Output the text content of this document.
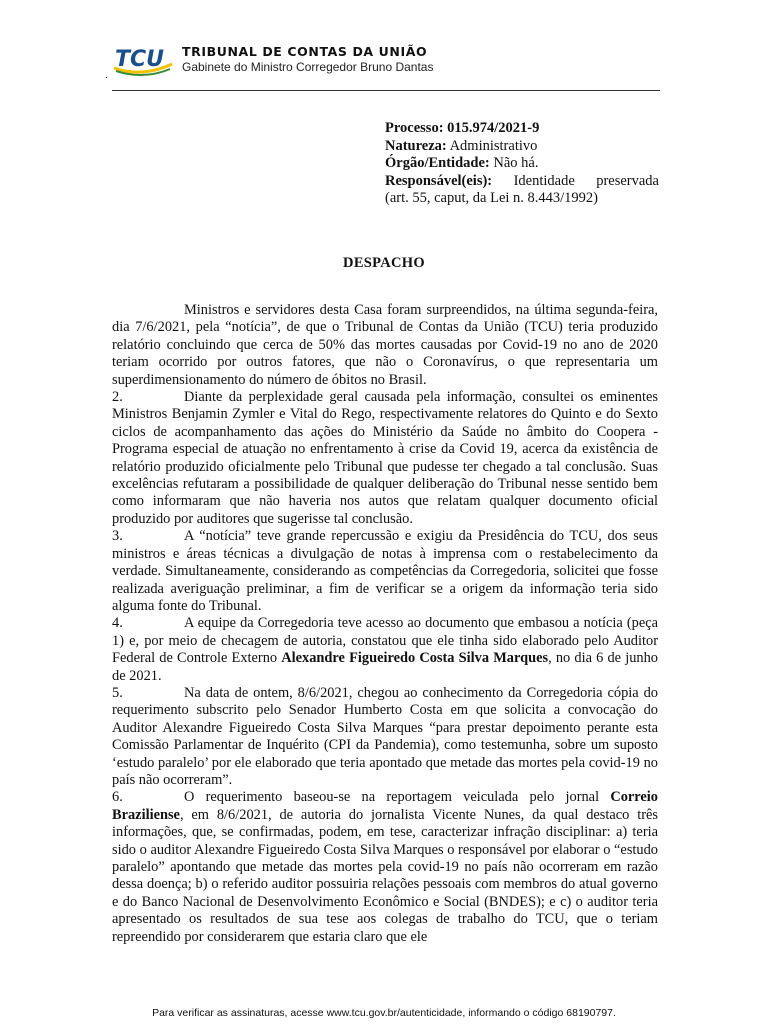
TCU TRIBUNAL DE CONTAS DA UNIÃO
Gabinete do Ministro Corregedor Bruno Dantas
.

Processo: 015.974/2021-9

Natureza: Administrativo

Órgão/Entidade: Não há.

Responsável(eis): Identidade preservada

(art. 55, caput, da Lei n. 8.443/1992)

DESPACHO

Ministros e servidores desta Casa foram surpreendidos, na última segunda-feira, dia 7/6/2021, pela “notícia”, de que o Tribunal de Contas da União (TCU) teria produzido relatório concluindo que cerca de 50% das mortes causadas por Covid-19 no ano de 2020 teriam ocorrido por outros fatores, que não o Coronavírus, o que representaria um superdimensionamento do número de óbitos no Brasil.

2.	Diante da perplexidade geral causada pela informação, consultei os eminentes Ministros Benjamin Zymler e Vital do Rego, respectivamente relatores do Quinto e do Sexto ciclos de acompanhamento das ações do Ministério da Saúde no âmbito do Coopera - Programa especial de atuação no enfrentamento à crise da Covid 19, acerca da existência de relatório produzido oficialmente pelo Tribunal que pudesse ter chegado a tal conclusão. Suas excelências refutaram a possibilidade de qualquer deliberação do Tribunal nesse sentido bem como informaram que não haveria nos autos que relatam qualquer documento oficial produzido por auditores que sugerisse tal conclusão.

3.	A “notícia” teve grande repercussão e exigiu da Presidência do TCU, dos seus ministros e áreas técnicas a divulgação de notas à imprensa com o restabelecimento da verdade. Simultaneamente, considerando as competências da Corregedoria, solicitei que fosse realizada averiguação preliminar, a fim de verificar se a origem da informação teria sido alguma fonte do Tribunal.

4.	A equipe da Corregedoria teve acesso ao documento que embasou a notícia (peça 1) e, por meio de checagem de autoria, constatou que ele tinha sido elaborado pelo Auditor Federal de Controle Externo Alexandre Figueiredo Costa Silva Marques, no dia 6 de junho de 2021.

5.	Na data de ontem, 8/6/2021, chegou ao conhecimento da Corregedoria cópia do requerimento subscrito pelo Senador Humberto Costa em que solicita a convocação do Auditor Alexandre Figueiredo Costa Silva Marques “para prestar depoimento perante esta Comissão Parlamentar de Inquérito (CPI da Pandemia), como testemunha, sobre um suposto ‘estudo paralelo’ por ele elaborado que teria apontado que metade das mortes pela covid-19 no país não ocorreram”.

6.	O requerimento baseou-se na reportagem veiculada pelo jornal Correio Braziliense, em 8/6/2021, de autoria do jornalista Vicente Nunes, da qual destaco três informações, que, se confirmadas, podem, em tese, caracterizar infração disciplinar: a) teria sido o auditor Alexandre Figueiredo Costa Silva Marques o responsável por elaborar o “estudo paralelo” apontando que metade das mortes pela covid-19 no país não ocorreram em razão dessa doença; b) o referido auditor possuiria relações pessoais com membros do atual governo e do Banco Nacional de Desenvolvimento Econômico e Social (BNDES); e c) o auditor teria apresentado os resultados de sua tese aos colegas de trabalho do TCU, que o teriam repreendido por considerarem que estaria claro que ele

Para verificar as assinaturas, acesse www.tcu.gov.br/autenticidade, informando o código 68190797.
